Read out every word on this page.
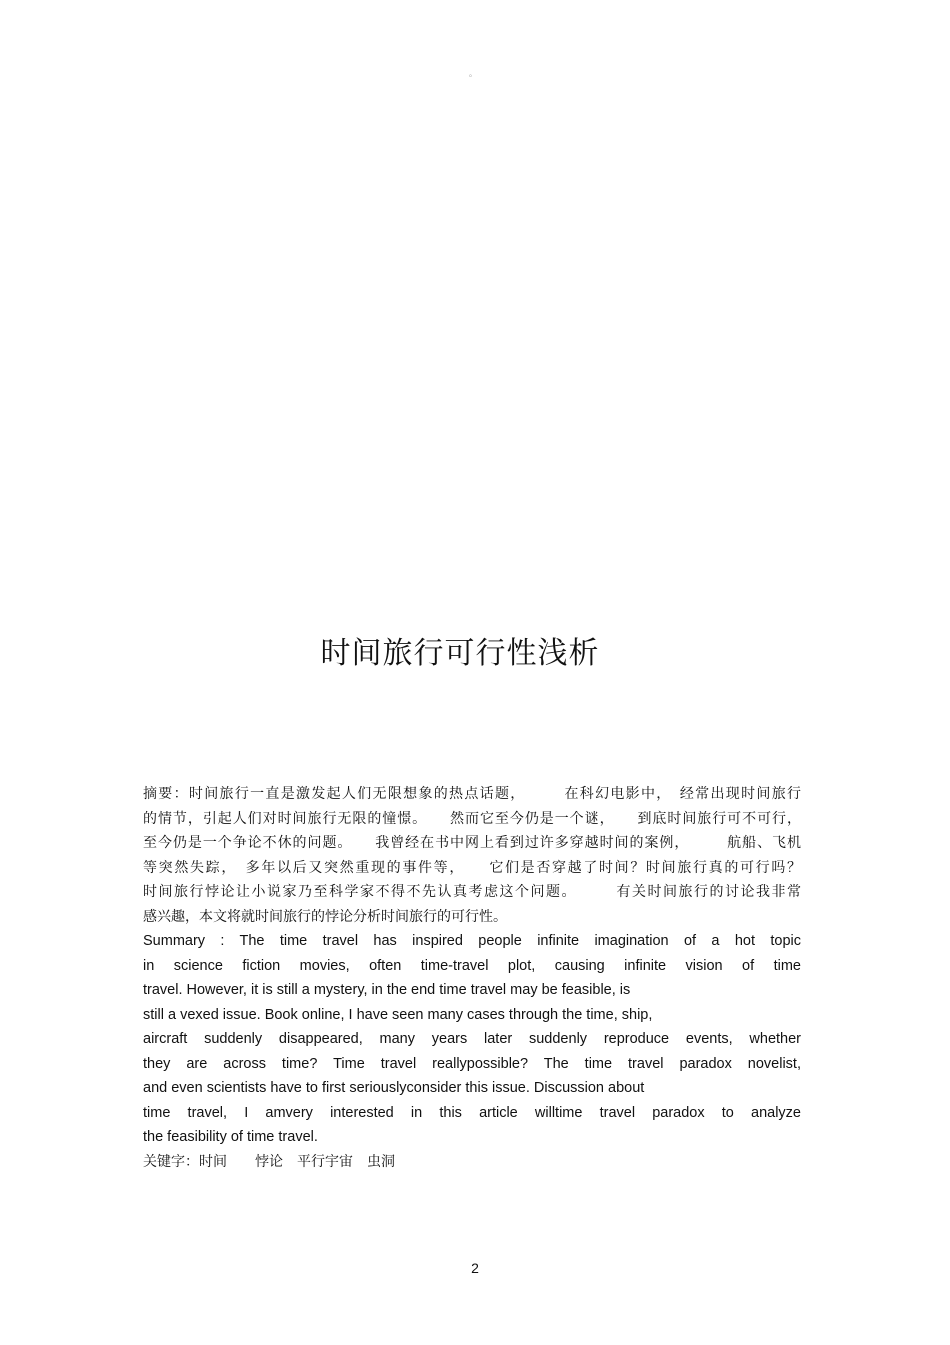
。
时间旅行可行性浅析
摘要：时间旅行一直是激发起人们无限想象的热点话题，　　　在科幻电影中，　经常出现时间旅行
的情节，引起人们对时间旅行无限的憧憬。　　然而它至今仍是一个谜，　　到底时间旅行可不可行，
至今仍是一个争论不休的问题。　　我曾经在书中网上看到过许多穿越时间的案例，　　　航船、飞机
等突然失踪，　多年以后又突然重现的事件等，　　它们是否穿越了时间？时间旅行真的可行吗？
时间旅行悖论让小说家乃至科学家不得不先认真考虑这个问题。　　　有关时间旅行的讨论我非常
感兴趣，本文将就时间旅行的悖论分析时间旅行的可行性。
Summary : The time travel has inspired people infinite imagination of a hot topic
in science fiction movies, often time-travel plot, causing infinite vision of time
travel. However, it is still a mystery, in the end time travel may be feasible, is
still a vexed issue. Book online, I have seen many cases through the time, ship,
aircraft suddenly disappeared, many years later suddenly reproduce events, whether
they are across time? Time travel reallypossible? The time travel paradox novelist,
and even scientists have to first seriouslyconsider this issue. Discussion about
time travel, I amvery interested in this article willtime travel paradox to analyze
the feasibility of time travel.
关键字：时间　　悖论　平行宇宙　虫洞
2
